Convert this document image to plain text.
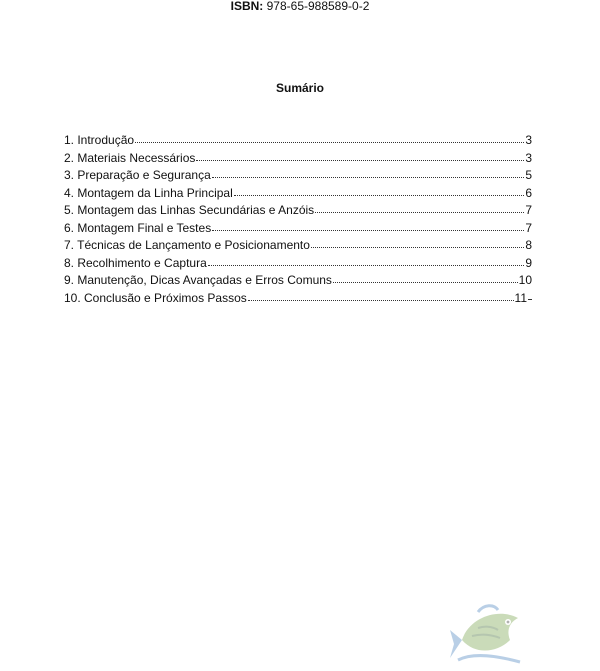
ISBN: 978-65-988589-0-2
Sumário
1. Introdução	3
2. Materiais Necessários	3
3. Preparação e Segurança	5
4. Montagem da Linha Principal	6
5. Montagem das Linhas Secundárias e Anzóis	7
6. Montagem Final e Testes	7
7. Técnicas de Lançamento e Posicionamento	8
8. Recolhimento e Captura	9
9. Manutenção, Dicas Avançadas e Erros Comuns	10
10. Conclusão e Próximos Passos	11
